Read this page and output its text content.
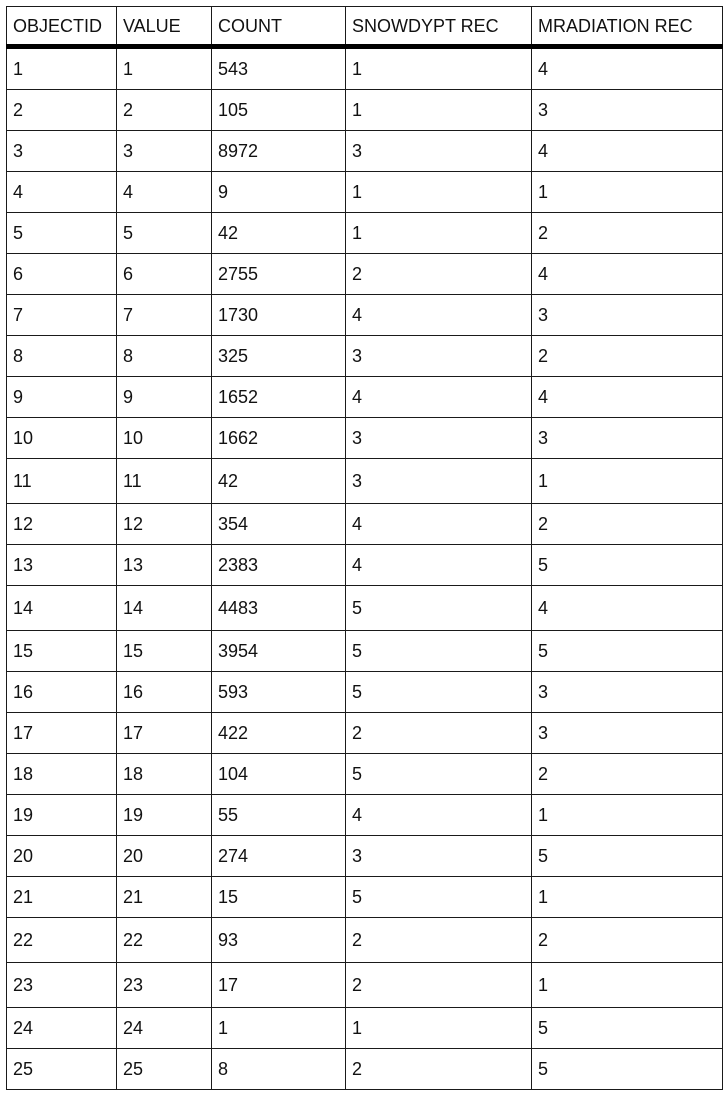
OBJECTID	VALUE	COUNT	SNOWDYPT REC	MRADIATION REC
1	1	543	1	4
2	2	105	1	3
3	3	8972	3	4
4	4	9	1	1
5	5	42	1	2
6	6	2755	2	4
7	7	1730	4	3
8	8	325	3	2
9	9	1652	4	4
10	10	1662	3	3
11	11	42	3	1
12	12	354	4	2
13	13	2383	4	5
14	14	4483	5	4
15	15	3954	5	5
16	16	593	5	3
17	17	422	2	3
18	18	104	5	2
19	19	55	4	1
20	20	274	3	5
21	21	15	5	1
22	22	93	2	2
23	23	17	2	1
24	24	1	1	5
25	25	8	2	5
